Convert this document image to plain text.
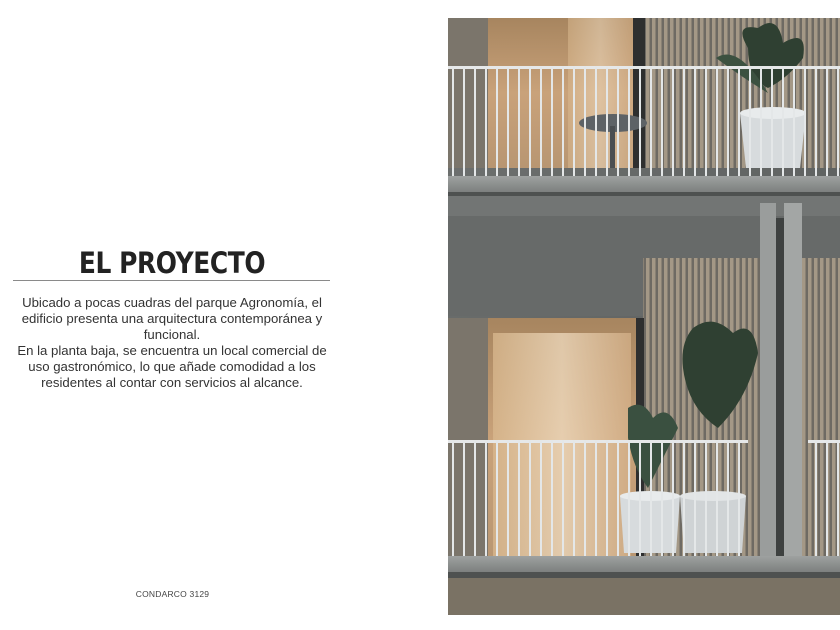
EL PROYECTO

Ubicado a pocas cuadras del parque Agronomía, el edificio presenta una arquitectura contemporánea y funcional.

En la planta baja, se encuentra un local comercial de uso gastronómico, lo que añade comodidad a los residentes al contar con servicios al alcance.

CONDARCO 3129
